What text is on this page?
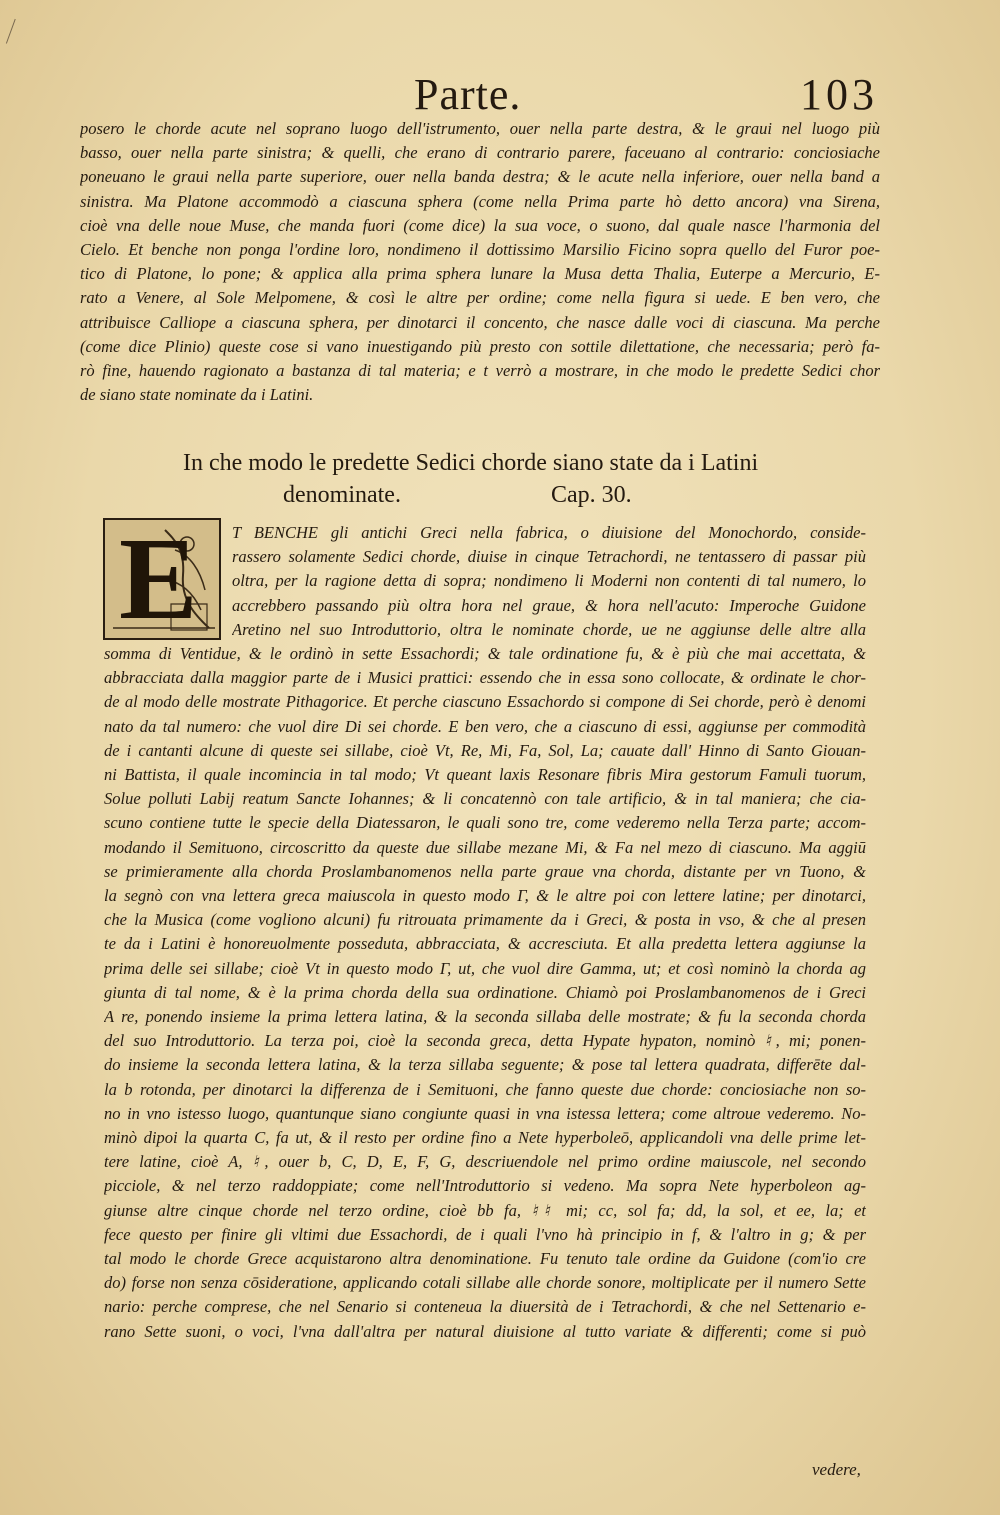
Parte.	103
posero le chorde acute nel soprano luogo dell'istrumento, ouer nella parte destra, & le graui nel luogo più
basso, ouer nella parte sinistra; & quelli, che erano di contrario parere, faceuano al contrario: conciosiache
poneuano le graui nella parte superiore, ouer nella banda destra; & le acute nella inferiore, ouer nella band a
sinistra. Ma Platone accommodò a ciascuna sphera (come nella Prima parte hò detto ancora) vna Sirena,
cioè vna delle noue Muse, che manda fuori (come dice) la sua voce, o suono, dal quale nasce l'harmonia del
Cielo. Et benche non ponga l'ordine loro, nondimeno il dottissimo Marsilio Ficino sopra quello del Furor poe-
tico di Platone, lo pone; & applica alla prima sphera lunare la Musa detta Thalia, Euterpe a Mercurio, E-
rato a Venere, al Sole Melpomene, & così le altre per ordine; come nella figura si uede. E ben vero, che
attribuisce Calliope a ciascuna sphera, per dinotarci il concento, che nasce dalle voci di ciascuna. Ma perche
(come dice Plinio) queste cose si vano inuestigando più presto con sottile dilettatione, che necessaria; però fa-
rò fine, hauendo ragionato a bastanza di tal materia; e t verrò a mostrare, in che modo le predette Sedici chor
de siano state nominate da i Latini.
In che modo le predette Sedici chorde siano state da i Latini
denominate.	Cap. 30.
E T BENCHE gli antichi Greci nella fabrica, o diuisione del Monochordo, conside-
rassero solamente Sedici chorde, diuise in cinque Tetrachordi, ne tentassero di passar più
oltra, per la ragione detta di sopra; nondimeno li Moderni non contenti di tal numero, lo
accrebbero passando più oltra hora nel graue, & hora nell'acuto: Imperoche Guidone
Aretino nel suo Introduttorio, oltra le nominate chorde, ue ne aggiunse delle altre alla
somma di Ventidue, & le ordinò in sette Essachordi; & tale ordinatione fu, & è più che mai accettata, &
abbracciata dalla maggior parte de i Musici prattici: essendo che in essa sono collocate, & ordinate le chor-
de al modo delle mostrate Pithagorice. Et perche ciascuno Essachordo si compone di Sei chorde, però è denomi
nato da tal numero: che vuol dire Di sei chorde. E ben vero, che a ciascuno di essi, aggiunse per commodità
de i cantanti alcune di queste sei sillabe, cioè Vt, Re, Mi, Fa, Sol, La; cauate dall' Hinno di Santo Giouan-
ni Battista, il quale incomincia in tal modo; Vt queant laxis Resonare fibris Mira gestorum Famuli tuorum,
Solue polluti Labij reatum Sancte Iohannes; & li concatennò con tale artificio, & in tal maniera; che cia-
scuno contiene tutte le specie della Diatessaron, le quali sono tre, come vederemo nella Terza parte; accom-
modando il Semituono, circoscritto da queste due sillabe mezane Mi, & Fa nel mezo di ciascuno. Ma aggiū
se primieramente alla chorda Proslambanomenos nella parte graue vna chorda, distante per vn Tuono, &
la segnò con vna lettera greca maiuscola in questo modo Γ, & le altre poi con lettere latine; per dinotarci,
che la Musica (come vogliono alcuni) fu ritrouata primamente da i Greci, & posta in vso, & che al presen
te da i Latini è honoreuolmente posseduta, abbracciata, & accresciuta. Et alla predetta lettera aggiunse la
prima delle sei sillabe; cioè Vt in questo modo Γ, ut, che vuol dire Gamma, ut; et così nominò la chorda ag
giunta di tal nome, & è la prima chorda della sua ordinatione. Chiamò poi Proslambanomenos de i Greci
A re, ponendo insieme la prima lettera latina, & la seconda sillaba delle mostrate; & fu la seconda chorda
del suo Introduttorio. La terza poi, cioè la seconda greca, detta Hypate hypaton, nominò ♮, mi; ponen-
do insieme la seconda lettera latina, & la terza sillaba seguente; & pose tal lettera quadrata, differēte dal-
la b rotonda, per dinotarci la differenza de i Semituoni, che fanno queste due chorde: conciosiache non so-
no in vno istesso luogo, quantunque siano congiunte quasi in vna istessa lettera; come altroue vederemo. No-
minò dipoi la quarta C, fa ut, & il resto per ordine fino a Nete hyperboleō, applicandoli vna delle prime let-
tere latine, cioè A, ♮, ouer b, C, D, E, F, G, descriuendole nel primo ordine maiuscole, nel secondo
picciole, & nel terzo raddoppiate; come nell'Introduttorio si vedeno. Ma sopra Nete hyperboleon ag-
giunse altre cinque chorde nel terzo ordine, cioè bb fa, ♮♮ mi; cc, sol fa; dd, la sol, et ee, la; et
fece questo per finire gli vltimi due Essachordi, de i quali l'vno hà principio in f, & l'altro in g; & per
tal modo le chorde Grece acquistarono altra denominatione. Fu tenuto tale ordine da Guidone (com'io cre
do) forse non senza cōsideratione, applicando cotali sillabe alle chorde sonore, moltiplicate per il numero Sette
nario: perche comprese, che nel Senario si conteneua la diuersità de i Tetrachordi, & che nel Settenario e-
rano Sette suoni, o voci, l'vna dall'altra per natural diuisione al tutto variate & differenti; come si può
vedere,
